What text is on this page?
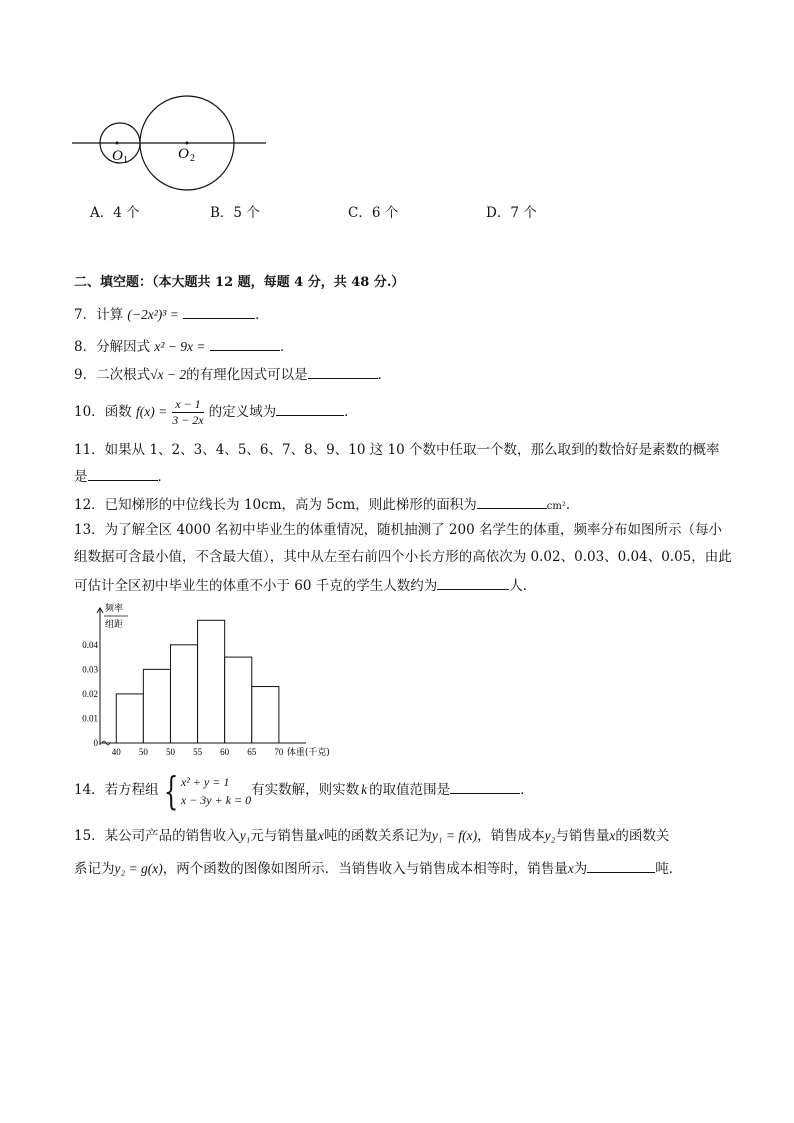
O 1	O 2
A．4 个	B．5 个	C．6 个	D．7 个
二、填空题：（本大题共 12 题，每题 4 分，共 48 分.）
7．计算 (−2x²)³ =	．
8．分解因式 x² − 9x =	．
9．二次根式√x − 2的有理化因式可以是	．
10．函数 $f(x) = \frac{x - 1}{3 - 2x}$ 的定义域为	．
11．如果从 1、2、3、4、5、6、7、8、9、10 这 10 个数中任取一个数，那么取到的数恰好是素数的概率
是	．
12．已知梯形的中位线长为 10cm，高为 5cm，则此梯形的面积为	cm²．
13．为了解全区 4000 名初中毕业生的体重情况，随机抽测了 200 名学生的体重，频率分布如图所示（每小
组数据可含最小值，不含最大值），其中从左至右前四个小长方形的高依次为 0.02、0.03、0.04、0.05，由此
可估计全区初中毕业生的体重不小于 60 千克的学生人数约为	人．
频率
组距
0.04
0.03
0.02
0.01
0
40 50 50 55 60 65 70 体重(千克)
14．若方程组 { x² + y = 1
x − 3y + k = 0
有实数解，则实数 k 的取值范围是	．
15．某公司产品的销售收入y₁元与销售量x吨的函数关系记为y₁ = f(x)，销售成本y₂与销售量x的函数关
系记为y₂ = g(x)，两个函数的图像如图所示．当销售收入与销售成本相等时，销售量x为	吨．
